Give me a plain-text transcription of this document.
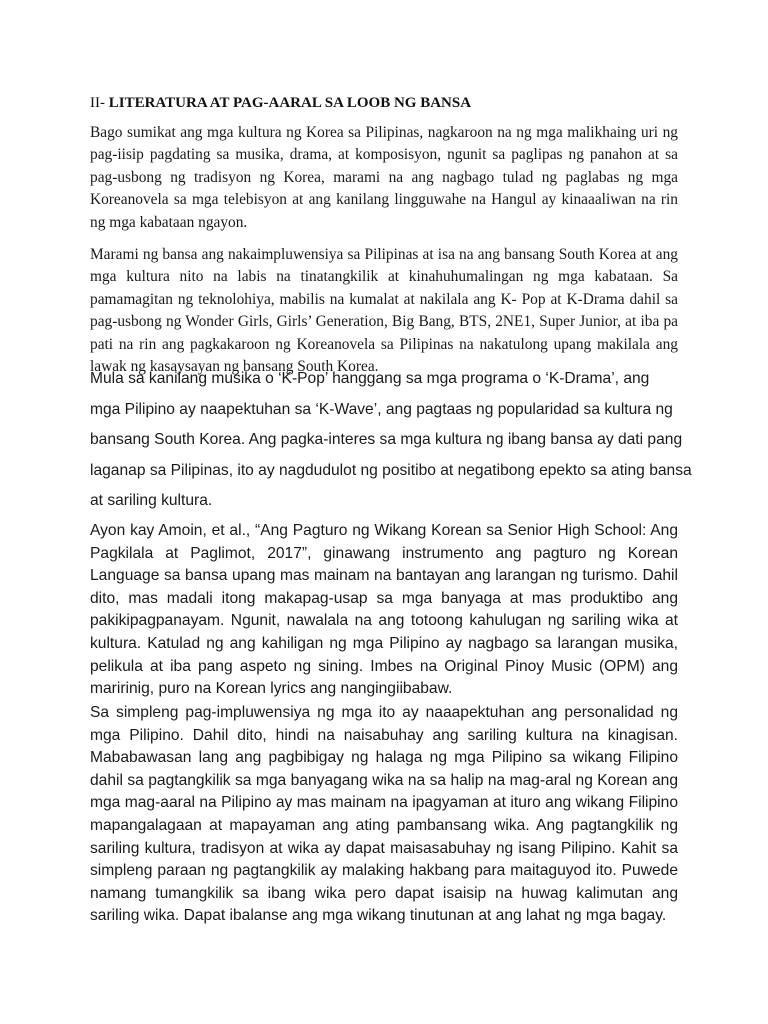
II- LITERATURA AT PAG-AARAL SA LOOB NG BANSA

Bago sumikat ang mga kultura ng Korea sa Pilipinas, nagkaroon na ng mga malikhaing uri ng pag-iisip pagdating sa musika, drama, at komposisyon, ngunit sa paglipas ng panahon at sa pag-usbong ng tradisyon ng Korea, marami na ang nagbago tulad ng paglabas ng mga Koreanovela sa mga telebisyon at ang kanilang lingguwahe na Hangul ay kinaaaliwan na rin ng mga kabataan ngayon.

Marami ng bansa ang nakaimpluwensiya sa Pilipinas at isa na ang bansang South Korea at ang mga kultura nito na labis na tinatangkilik at kinahuhumalingan ng mga kabataan. Sa pamamagitan ng teknolohiya, mabilis na kumalat at nakilala ang K- Pop at K-Drama dahil sa pag-usbong ng Wonder Girls, Girls’ Generation, Big Bang, BTS, 2NE1, Super Junior, at iba pa pati na rin ang pagkakaroon ng Koreanovela sa Pilipinas na nakatulong upang makilala ang lawak ng kasaysayan ng bansang South Korea.

Mula sa kanilang musika o ‘K-Pop’ hanggang sa mga programa o ‘K-Drama’, ang
mga Pilipino ay naapektuhan sa ‘K-Wave’, ang pagtaas ng popularidad sa kultura ng
bansang South Korea. Ang pagka-interes sa mga kultura ng ibang bansa ay dati pang
laganap sa Pilipinas, ito ay nagdudulot ng positibo at negatibong epekto sa ating bansa
at sariling kultura.

Ayon kay Amoin, et al., “Ang Pagturo ng Wikang Korean sa Senior High School: Ang Pagkilala at Paglimot, 2017”, ginawang instrumento ang pagturo ng Korean Language sa bansa upang mas mainam na bantayan ang larangan ng turismo. Dahil dito, mas madali itong makapag-usap sa mga banyaga at mas produktibo ang pakikipagpanayam. Ngunit, nawalala na ang totoong kahulugan ng sariling wika at kultura. Katulad ng ang kahiligan ng mga Pilipino ay nagbago sa larangan musika, pelikula at iba pang aspeto ng sining. Imbes na Original Pinoy Music (OPM) ang maririnig, puro na Korean lyrics ang nangingiibabaw.

Sa simpleng pag-impluwensiya ng mga ito ay naaapektuhan ang personalidad ng mga Pilipino. Dahil dito, hindi na naisabuhay ang sariling kultura na kinagisan. Mababawasan lang ang pagbibigay ng halaga ng mga Pilipino sa wikang Filipino dahil sa pagtangkilik sa mga banyagang wika na sa halip na mag-aral ng Korean ang mga mag-aaral na Pilipino ay mas mainam na ipagyaman at ituro ang wikang Filipino mapangalagaan at mapayaman ang ating pambansang wika. Ang pagtangkilik ng sariling kultura, tradisyon at wika ay dapat maisasabuhay ng isang Pilipino. Kahit sa simpleng paraan ng pagtangkilik ay malaking hakbang para maitaguyod ito. Puwede namang tumangkilik sa ibang wika pero dapat isaisip na huwag kalimutan ang sariling wika. Dapat ibalanse ang mga wikang tinutunan at ang lahat ng mga bagay.
